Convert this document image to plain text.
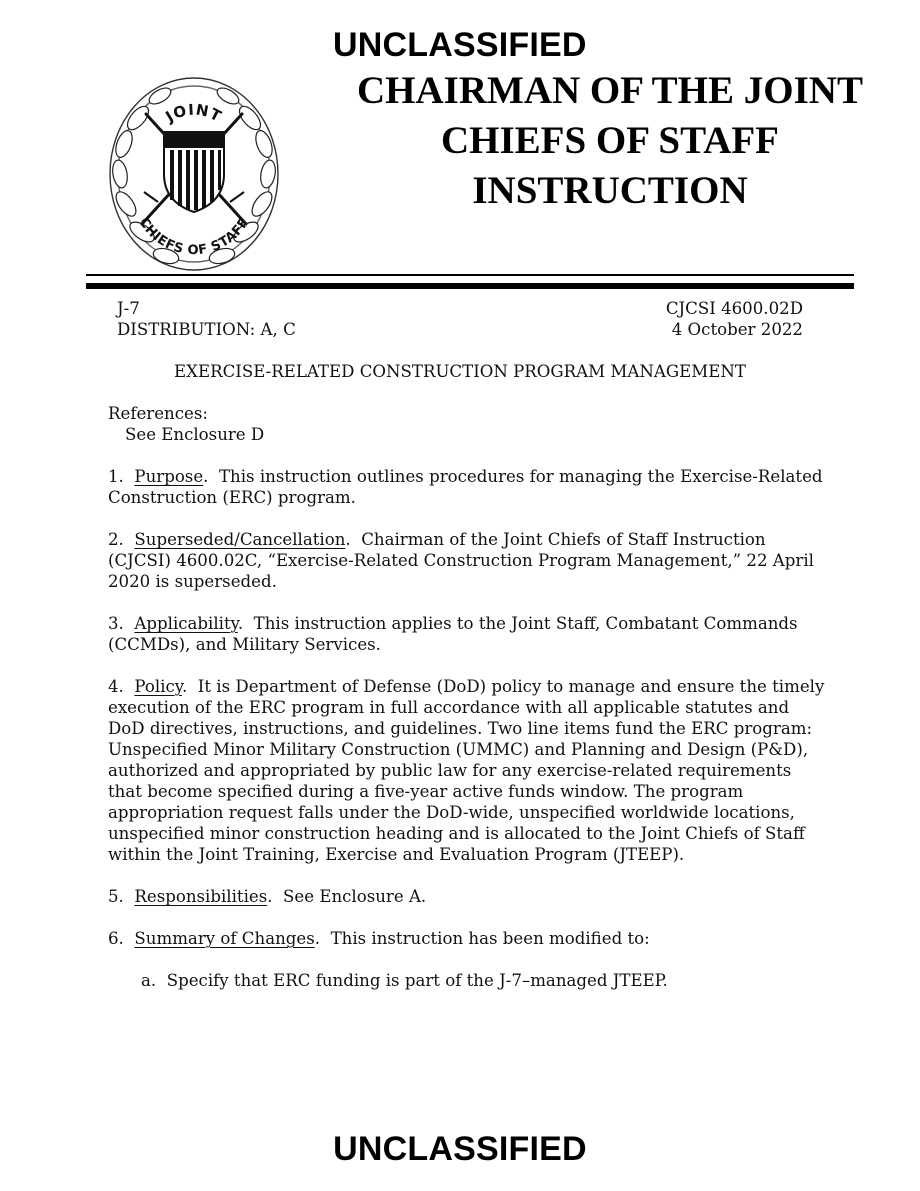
UNCLASSIFIED
JOINT
CHIEFS OF STAFF
CHAIRMAN OF THE JOINT
CHIEFS OF STAFF
INSTRUCTION
J-7
DISTRIBUTION: A, C
CJCSI 4600.02D
4 October 2022
EXERCISE-RELATED CONSTRUCTION PROGRAM MANAGEMENT

References:
See Enclosure D

1. Purpose.  This instruction outlines procedures for managing the Exercise-Related Construction (ERC) program.

2. Superseded/Cancellation.  Chairman of the Joint Chiefs of Staff Instruction (CJCSI) 4600.02C, “Exercise-Related Construction Program Management,” 22 April 2020 is superseded.

3. Applicability.  This instruction applies to the Joint Staff, Combatant Commands (CCMDs), and Military Services.

4. Policy.  It is Department of Defense (DoD) policy to manage and ensure the timely execution of the ERC program in full accordance with all applicable statutes and DoD directives, instructions, and guidelines. Two line items fund the ERC program: Unspecified Minor Military Construction (UMMC) and Planning and Design (P&D), authorized and appropriated by public law for any exercise-related requirements that become specified during a five-year active funds window. The program appropriation request falls under the DoD-wide, unspecified worldwide locations, unspecified minor construction heading and is allocated to the Joint Chiefs of Staff within the Joint Training, Exercise and Evaluation Program (JTEEP).

5. Responsibilities.  See Enclosure A.

6. Summary of Changes.  This instruction has been modified to:

a. Specify that ERC funding is part of the J-7–managed JTEEP.

UNCLASSIFIED
